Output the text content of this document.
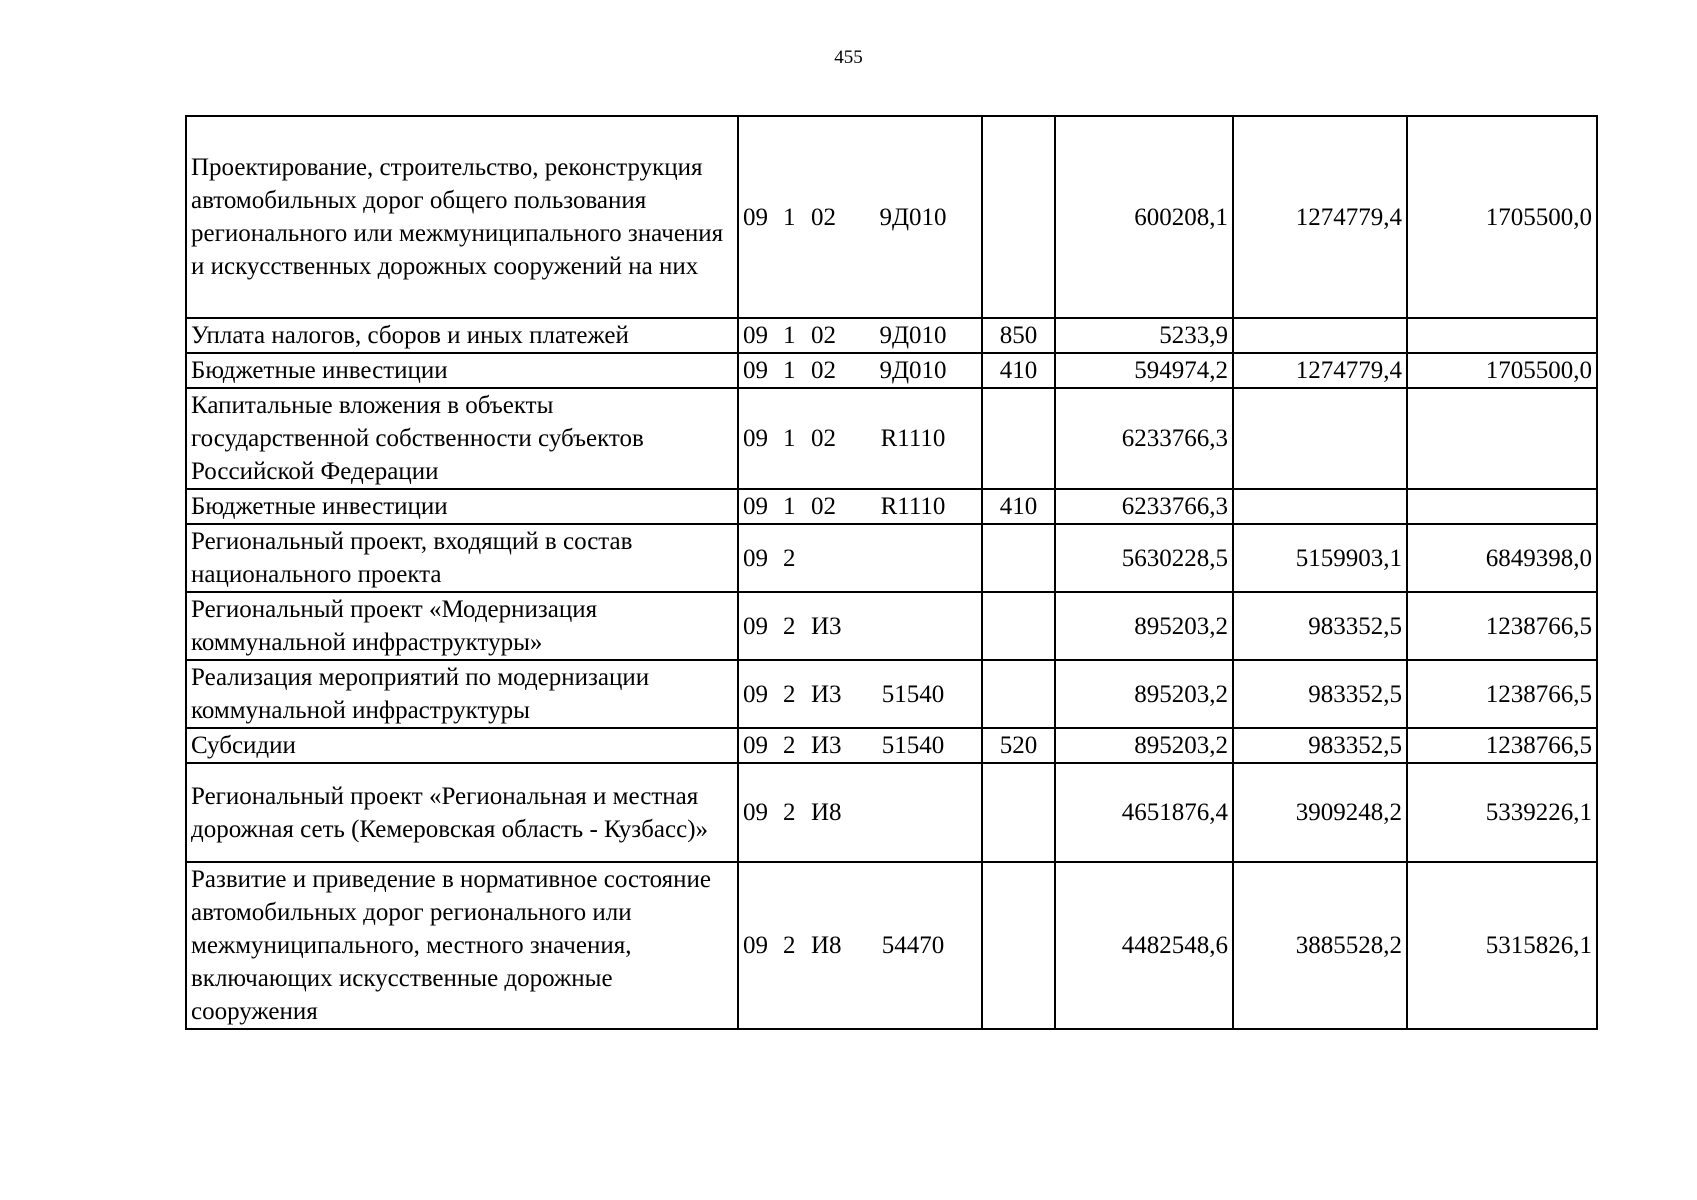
455
Проектирование, строительство, реконструкция автомобильных дорог общего пользования регионального или межмуниципального значения и искусственных дорожных сооружений на них	09 1 02 9Д010		600208,1	1274779,4	1705500,0
Уплата налогов, сборов и иных платежей	09 1 02 9Д010	850	5233,9		
Бюджетные инвестиции	09 1 02 9Д010	410	594974,2	1274779,4	1705500,0
Капитальные вложения в объекты государственной собственности субъектов Российской Федерации	09 1 02 R1110		6233766,3		
Бюджетные инвестиции	09 1 02 R1110	410	6233766,3		
Региональный проект, входящий в состав национального проекта	09 2		5630228,5	5159903,1	6849398,0
Региональный проект «Модернизация коммунальной инфраструктуры»	09 2 И3		895203,2	983352,5	1238766,5
Реализация мероприятий по модернизации коммунальной инфраструктуры	09 2 И3 51540		895203,2	983352,5	1238766,5
Субсидии	09 2 И3 51540	520	895203,2	983352,5	1238766,5
Региональный проект «Региональная и местная дорожная сеть (Кемеровская область - Кузбасс)»	09 2 И8		4651876,4	3909248,2	5339226,1
Развитие и приведение в нормативное состояние автомобильных дорог регионального или межмуниципального, местного значения, включающих искусственные дорожные сооружения	09 2 И8 54470		4482548,6	3885528,2	5315826,1
